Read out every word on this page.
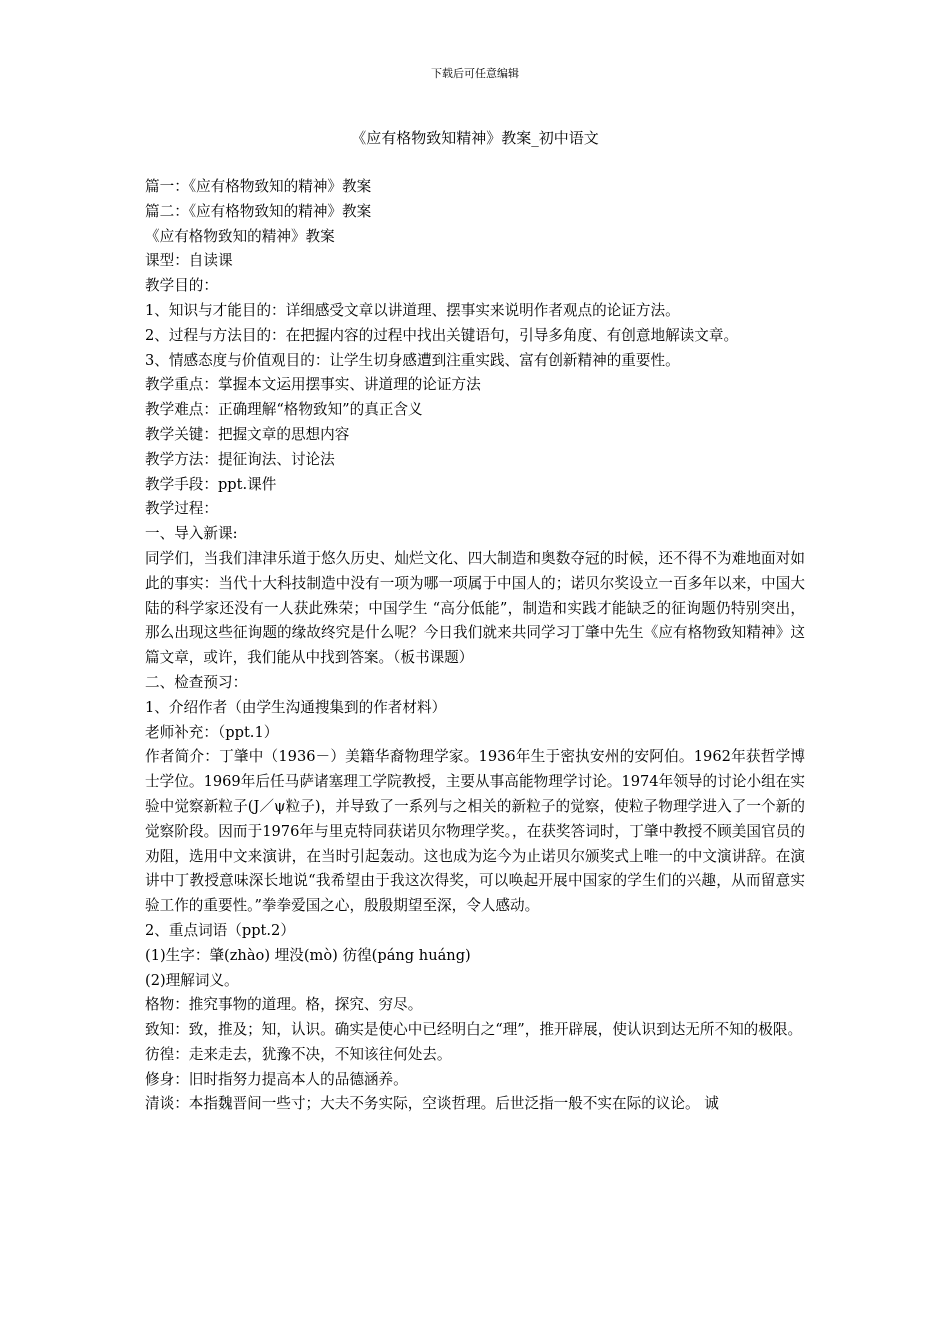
下载后可任意编辑
《应有格物致知精神》教案_初中语文

篇一：《应有格物致知的精神》教案

篇二：《应有格物致知的精神》教案

《应有格物致知的精神》教案

课型：自读课

教学目的：

1、知识与才能目的：详细感受文章以讲道理、摆事实来说明作者观点的论证方法。

2、过程与方法目的：在把握内容的过程中找出关键语句，引导多角度、有创意地解读文章。

3、情感态度与价值观目的：让学生切身感遭到注重实践、富有创新精神的重要性。

教学重点：掌握本文运用摆事实、讲道理的论证方法

教学难点：正确理解“格物致知”的真正含义

教学关键：把握文章的思想内容

教学方法：提征询法、讨论法

教学手段：ppt.课件

教学过程：

一、导入新课:

同学们，当我们津津乐道于悠久历史、灿烂文化、四大制造和奥数夺冠的时候，还不得不为难地面对如此的事实：当代十大科技制造中没有一项为哪一项属于中国人的；诺贝尔奖设立一百多年以来，中国大陆的科学家还没有一人获此殊荣；中国学生 “高分低能”，制造和实践才能缺乏的征询题仍特别突出，那么出现这些征询题的缘故终究是什么呢？今日我们就来共同学习丁肇中先生《应有格物致知精神》这篇文章，或许，我们能从中找到答案。（板书课题）

二、检查预习：

1、介绍作者（由学生沟通搜集到的作者材料）

老师补充：（ppt.1）

作者简介：丁肇中（1936－）美籍华裔物理学家。1936年生于密执安州的安阿伯。1962年获哲学博士学位。1969年后任马萨诸塞理工学院教授，主要从事高能物理学讨论。1974年领导的讨论小组在实验中觉察新粒子(J／ψ粒子)，并导致了一系列与之相关的新粒子的觉察，使粒子物理学进入了一个新的觉察阶段。因而于1976年与里克特同获诺贝尔物理学奖。，在获奖答词时，丁肇中教授不顾美国官员的劝阻，选用中文来演讲，在当时引起轰动。这也成为迄今为止诺贝尔颁奖式上唯一的中文演讲辞。在演讲中丁教授意味深长地说“我希望由于我这次得奖，可以唤起开展中国家的学生们的兴趣，从而留意实验工作的重要性。”拳拳爱国之心，殷殷期望至深，令人感动。

2、重点词语（ppt.2）

(1)生字：肇(zhào) 埋没(mò) 彷徨(páng huáng)

(2)理解词义。

格物：推究事物的道理。格，探究、穷尽。

致知：致，推及；知，认识。确实是使心中已经明白之“理”，推开辟展，使认识到达无所不知的极限。

彷徨：走来走去，犹豫不决，不知该往何处去。

修身：旧时指努力提高本人的品德涵养。

清谈：本指魏晋间一些寸；大夫不务实际，空谈哲理。后世泛指一般不实在际的议论。 诚
